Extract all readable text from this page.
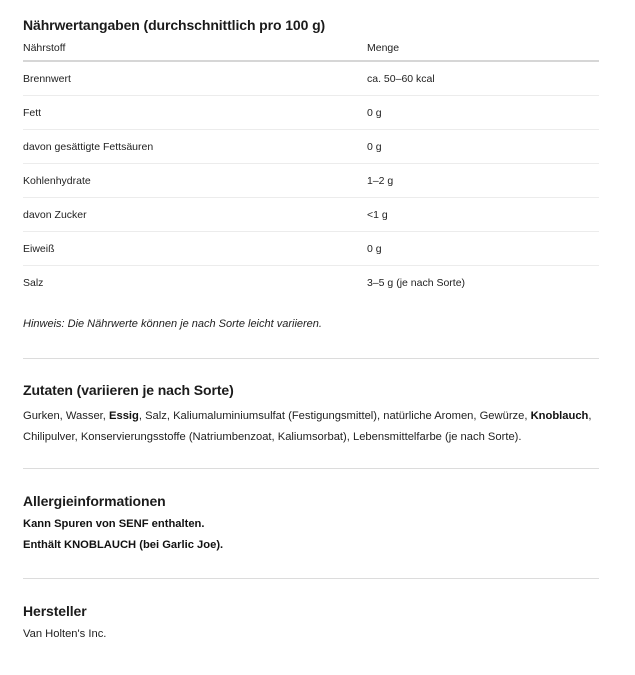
Nährwertangaben (durchschnittlich pro 100 g)
Nährstoff	Menge
Brennwert	ca. 50–60 kcal
Fett	0 g
davon gesättigte Fettsäuren	0 g
Kohlenhydrate	1–2 g
davon Zucker	<1 g
Eiweiß	0 g
Salz	3–5 g (je nach Sorte)
Hinweis: Die Nährwerte können je nach Sorte leicht variieren.
Zutaten (variieren je nach Sorte)
Gurken, Wasser, Essig, Salz, Kaliumaluminiumsulfat (Festigungsmittel), natürliche Aromen, Gewürze, Knoblauch, Chilipulver, Konservierungsstoffe (Natriumbenzoat, Kaliumsorbat), Lebensmittelfarbe (je nach Sorte).
Allergieinformationen
Kann Spuren von SENF enthalten.
Enthält KNOBLAUCH (bei Garlic Joe).
Hersteller
Van Holten's Inc.
